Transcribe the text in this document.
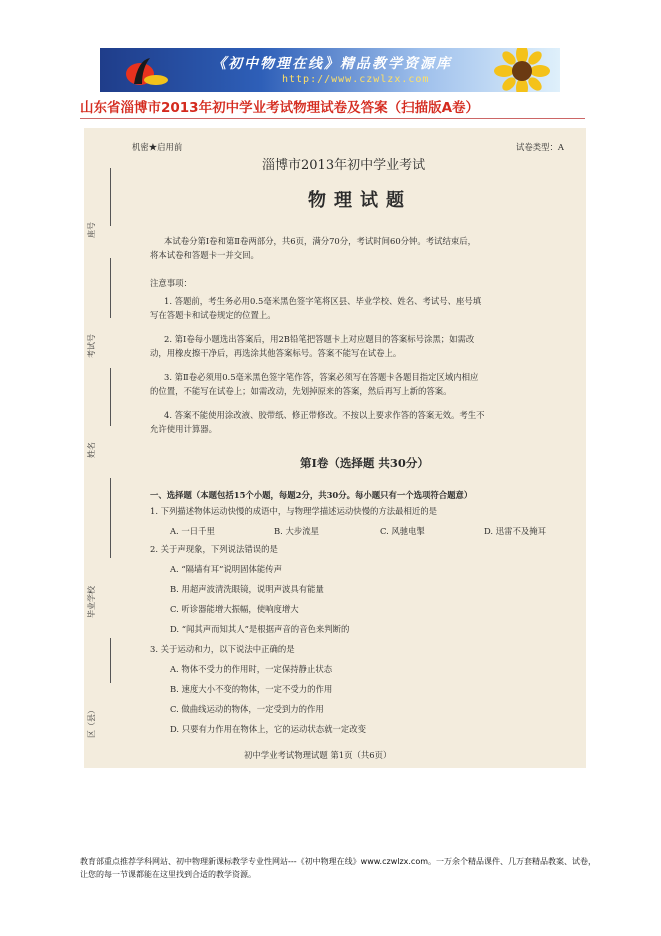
《初中物理在线》精品教学资源库
http://www.czwlzx.com
山东省淄博市2013年初中学业考试物理试卷及答案（扫描版A卷）
座号
考试号
姓名
毕业学校
区（县）
机密★启用前	试卷类型：A
淄博市2013年初中学业考试
物理试题
本试卷分第Ⅰ卷和第Ⅱ卷两部分，共6页，满分70分，考试时间60分钟。考试结束后，
将本试卷和答题卡一并交回。
注意事项：
1. 答题前，考生务必用0.5毫米黑色签字笔将区县、毕业学校、姓名、考试号、座号填
写在答题卡和试卷规定的位置上。
2. 第Ⅰ卷每小题选出答案后，用2B铅笔把答题卡上对应题目的答案标号涂黑；如需改
动，用橡皮擦干净后，再选涂其他答案标号。答案不能写在试卷上。
3. 第Ⅱ卷必须用0.5毫米黑色签字笔作答，答案必须写在答题卡各题目指定区域内相应
的位置，不能写在试卷上；如需改动，先划掉原来的答案，然后再写上新的答案。
4. 答案不能使用涂改液、胶带纸、修正带修改。不按以上要求作答的答案无效。考生不
允许使用计算器。
第Ⅰ卷（选择题 共30分）
一、选择题（本题包括15个小题，每题2分，共30分。每小题只有一个选项符合题意）
1. 下列描述物体运动快慢的成语中，与物理学描述运动快慢的方法最相近的是
A. 一日千里	B. 大步流星	C. 风驰电掣	D. 迅雷不及掩耳
2. 关于声现象，下列说法错误的是
A. “隔墙有耳”说明固体能传声
B. 用超声波清洗眼镜，说明声波具有能量
C. 听诊器能增大振幅，使响度增大
D. “闻其声而知其人”是根据声音的音色来判断的
3. 关于运动和力，以下说法中正确的是
A. 物体不受力的作用时，一定保持静止状态
B. 速度大小不变的物体，一定不受力的作用
C. 做曲线运动的物体，一定受到力的作用
D. 只要有力作用在物体上，它的运动状态就一定改变
初中学业考试物理试题 第1页（共6页）
教育部重点推荐学科网站、初中物理新课标教学专业性网站---《初中物理在线》www.czwlzx.com。一万余个精品课件、几万套精品教案、试卷，让您的每一节课都能在这里找到合适的教学资源。
